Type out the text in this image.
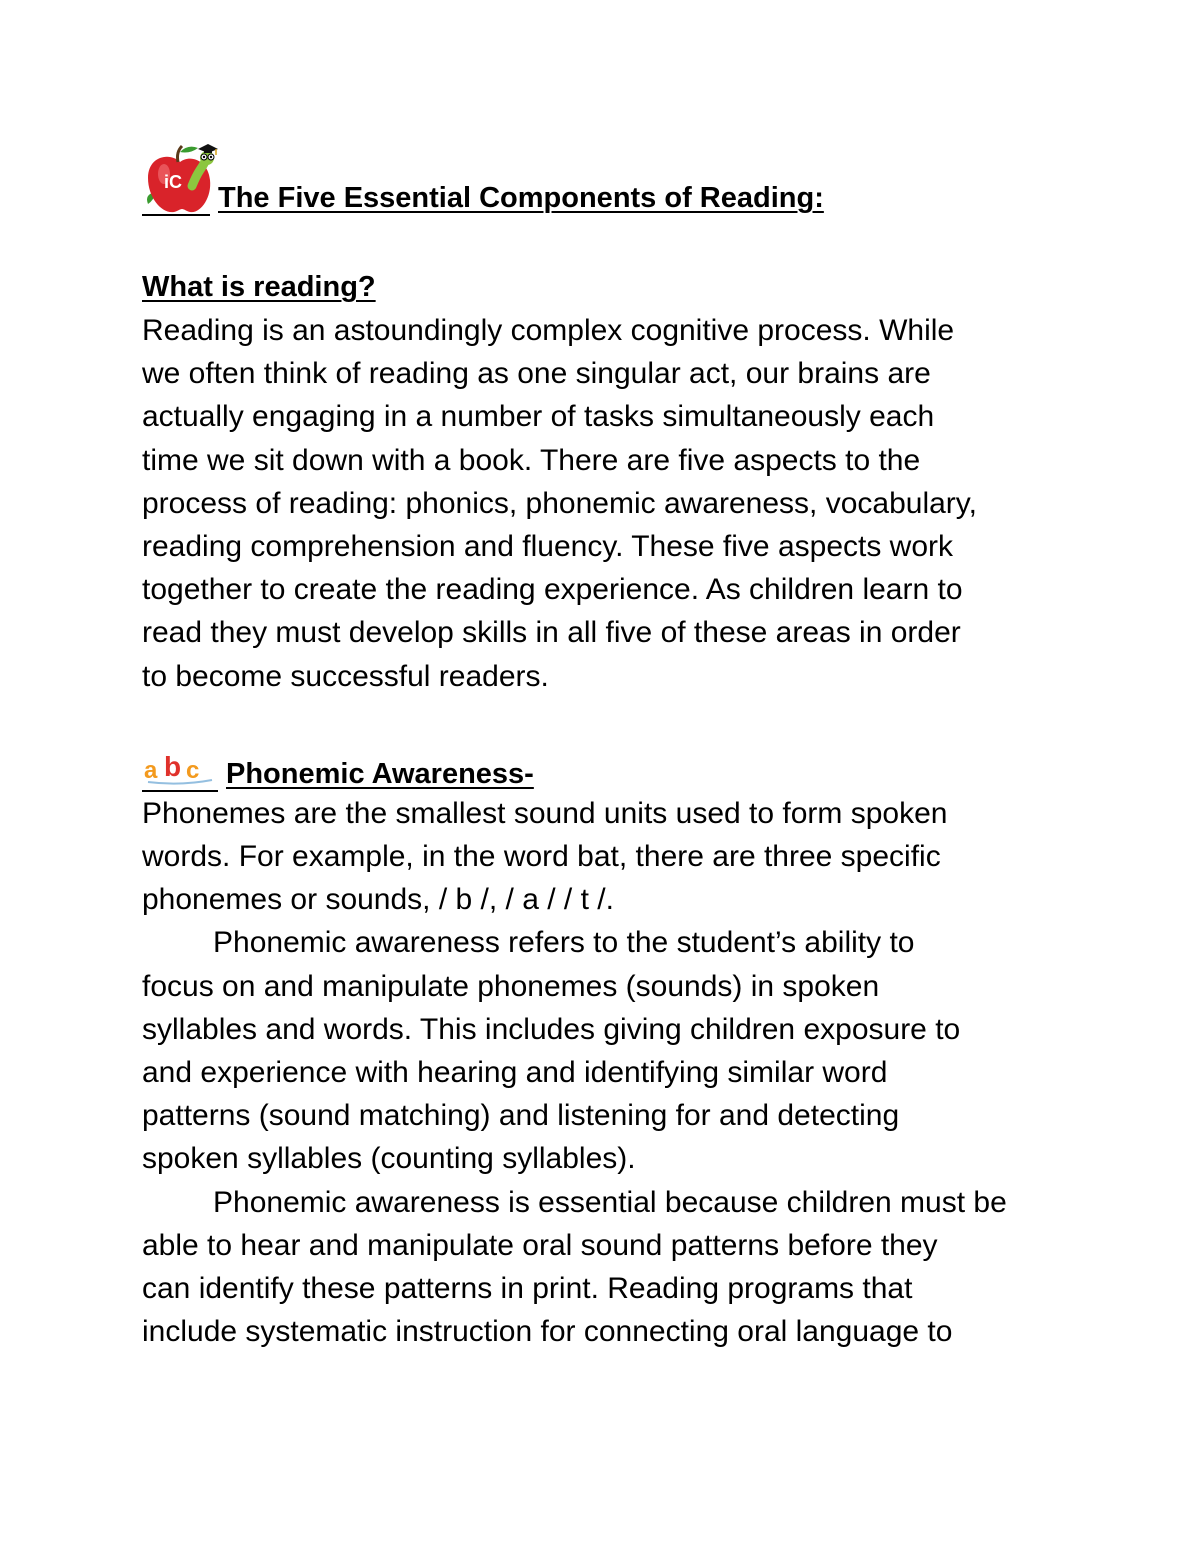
iC The Five Essential Components of Reading:

What is reading?

Reading is an astoundingly complex cognitive process. While

we often think of reading as one singular act, our brains are

actually engaging in a number of tasks simultaneously each

time we sit down with a book. There are five aspects to the

process of reading: phonics, phonemic awareness, vocabulary,

reading comprehension and fluency. These five aspects work

together to create the reading experience. As children learn to

read they must develop skills in all five of these areas in order

to become successful readers.

a b c Phonemic Awareness-

Phonemes are the smallest sound units used to form spoken

words. For example, in the word bat, there are three specific

phonemes or sounds, / b /, / a / / t /.

Phonemic awareness refers to the student’s ability to

focus on and manipulate phonemes (sounds) in spoken

syllables and words. This includes giving children exposure to

and experience with hearing and identifying similar word

patterns (sound matching) and listening for and detecting

spoken syllables (counting syllables).

Phonemic awareness is essential because children must be

able to hear and manipulate oral sound patterns before they

can identify these patterns in print. Reading programs that

include systematic instruction for connecting oral language to
